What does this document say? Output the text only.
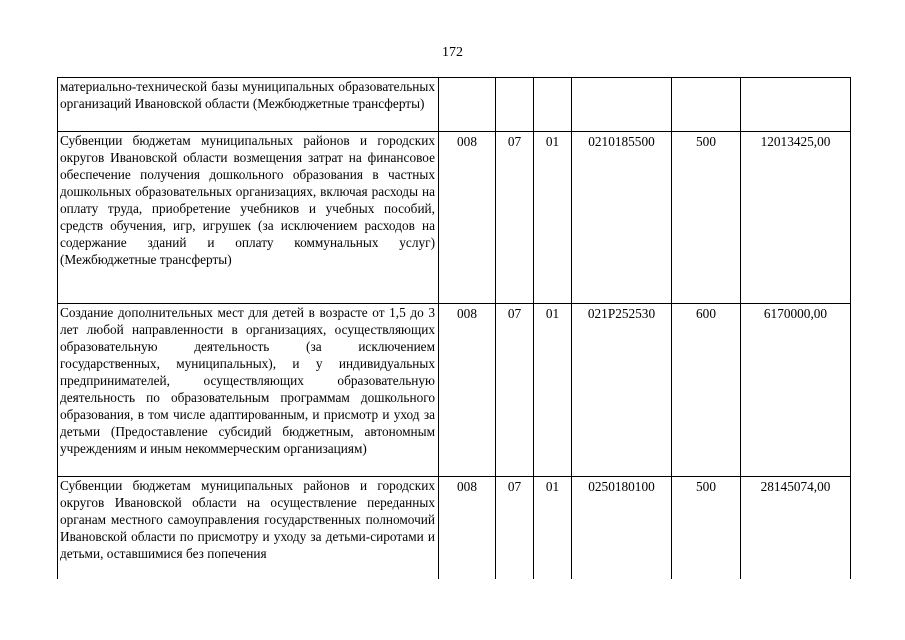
172
материально-технической базы муниципальных образовательных организаций Ивановской области (Межбюджетные трансферты)						
Субвенции бюджетам муниципальных районов и городских округов Ивановской области возмещения затрат на финансовое обеспечение получения дошкольного образования в частных дошкольных образовательных организациях, включая расходы на оплату труда, приобретение учебников и учебных пособий, средств обучения, игр, игрушек (за исключением расходов на содержание зданий и оплату коммунальных услуг) (Межбюджетные трансферты)	008	07	01	0210185500	500	12013425,00
Создание дополнительных мест для детей в возрасте от 1,5 до 3 лет любой направленности в организациях, осуществляющих образовательную деятельность (за исключением государственных, муниципальных), и у индивидуальных предпринимателей, осуществляющих образовательную деятельность по образовательным программам дошкольного образования, в том числе адаптированным, и присмотр и уход за детьми (Предоставление субсидий бюджетным, автономным учреждениям и иным некоммерческим организациям)	008	07	01	021P252530	600	6170000,00
Субвенции бюджетам муниципальных районов и городских округов Ивановской области на осуществление переданных органам местного самоуправления государственных полномочий Ивановской области по присмотру и уходу за детьми-сиротами и детьми, оставшимися без попечения	008	07	01	0250180100	500	28145074,00
